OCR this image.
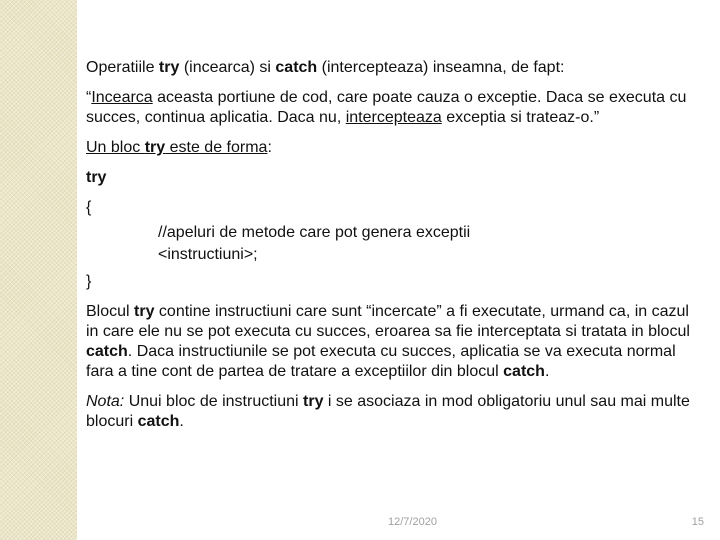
Operatiile try (incearca) si catch (intercepteaza) inseamna, de fapt:

“Incearca aceasta portiune de cod, care poate cauza o exceptie. Daca se executa cu succes, continua aplicatia. Daca nu, intercepteaza exceptia si trateaz-o.”

Un bloc try este de forma:

try
{
//apeluri de metode care pot genera exceptii
<instructiuni>;
}

Blocul try contine instructiuni care sunt “incercate” a fi executate, urmand ca, in cazul in care ele nu se pot executa cu succes, eroarea sa fie interceptata si tratata in blocul catch. Daca instructiunile se pot executa cu succes, aplicatia se va executa normal fara a tine cont de partea de tratare a exceptiilor din blocul catch.

Nota: Unui bloc de instructiuni try i se asociaza in mod obligatoriu unul sau mai multe blocuri catch.

12/7/2020	15
